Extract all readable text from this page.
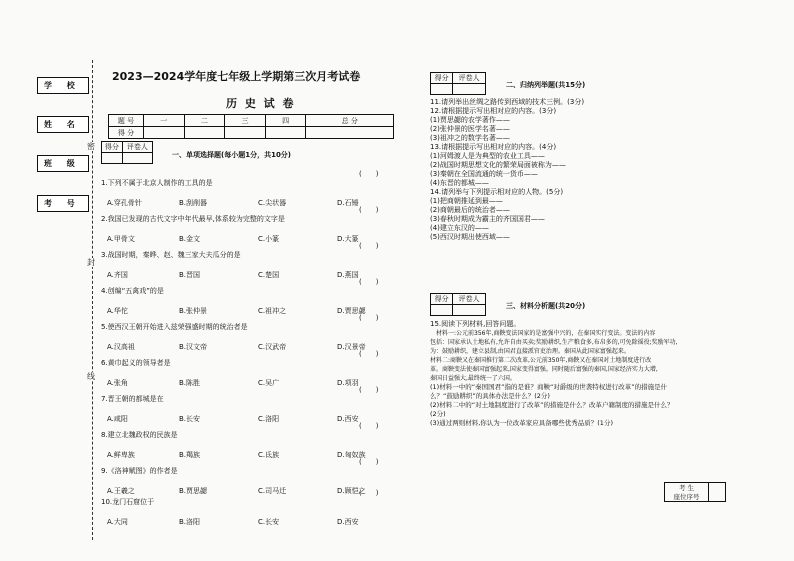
学 校
姓 名
班 级
考 号
密
封
线
2023—2024学年度七年级上学期第三次月考试卷
历 史 试 卷
题 号	一	二	三	四	总 分
得 分					
得分	评卷人

一、单项选择题(每小题1分，共10分)
1.下列不属于北京人制作的工具的是
(　　)
A.穿孔骨针	B.刮削器	C.尖状器	D.石锤
2.我国已发现的古代文字中年代最早,体系较为完整的文字是
(　　)
A.甲骨文	B.金文	C.小篆	D.大篆
3.战国时期，秦晔、赵、魏三家大夫瓜分的是
(　　)
A.齐国	B.晋国	C.楚国	D.燕国
4.创编“五禽戏”的是
(　　)
A.华佗	B.张仲景	C.祖冲之	D.贾思勰
5.使西汉王朝开始进入兹荣强盛时期的统治者是
(　　)
A.汉高祖	B.汉文帝	C.汉武帝	D.汉景帝
6.黄巾起义的领导者是
(　　)
A.张角	B.陈胜	C.吴广	D.项羽
7.晋王朝的都城是在
(　　)
A.咸阳	B.长安	C.洛阳	D.西安
8.建立北魏政权的民族是
(　　)
A.鲜卑族	B.羯族	C.氐族	D.匈奴族
9.《洛神赋图》的作者是
(　　)
A.王羲之	B.贾思勰	C.司马迁	D.顾恺之
10.龙门石窟位于
(　　)
A.大同	B.洛阳	C.长安	D.西安
得分	评卷人

二、归纳列举题(共15分)
11.请列举出丝绸之路传到西域的技术三例。(3分)
12.请根据提示写出相对应的内容。(3分)
(1)贾思勰的农学著作——
(2)张仲景的医学名著——
(3)祖冲之的数学名著——
13.请根据提示写出相对应的内容。(4分)
(1)河姆渡人是为典型的农业工具——
(2)战国时期思想文化的繁荣局面被称为——
(3)秦朝在全国流通的统一货币——
(4)东晋的都城——
14.请列举与下列提示相对应的人物。(5分)
(1)把商朝推延到最——
(2)商朝最后的统治者——
(3)春秋时期成为霸主的齐国国君——
(4)建立东汉的——
(5)西汉时期出使西域——
得分	评卷人

三、材料分析题(共20分)
15.阅读下列材料,回答问题。
　材料一:公元前356年,商鞅变法国家的是富强中兴的，在秦国实行变法。变法的内容
包括：国家承认土地私有,允许自由买卖;奖励耕织,生产粮食多,布帛多的,可免除徭役;奖励军功,
为：鼓励耕织，建立县制,由国君直接派官吏治理。秦国从此国家富强起来。
材料二:商鞅又在秦国推行第二次改革,公元前350年,商鞅又在秦国对土地制度进行改
革。商鞅变法使秦国富强起来,国家变得富强。同时随后富强的秦国,国家经济实力大增,
秦国日益强大,最终统一了六国。
(1)材料一中的“秦国国君”指的是谁？商鞅“对爵级的世袭特权进行改革”的措施是什
么？“鼓励耕织”的具体办法是什么？(2分)
(2)材料二中的“对土地制度进行了改革”的措施是什么？改革户籍制度的措施是什么？
(2分)
(3)通过两则材料,你认为一位改革家应具备哪些优秀品质？(1分)
考 生	
座位序号
